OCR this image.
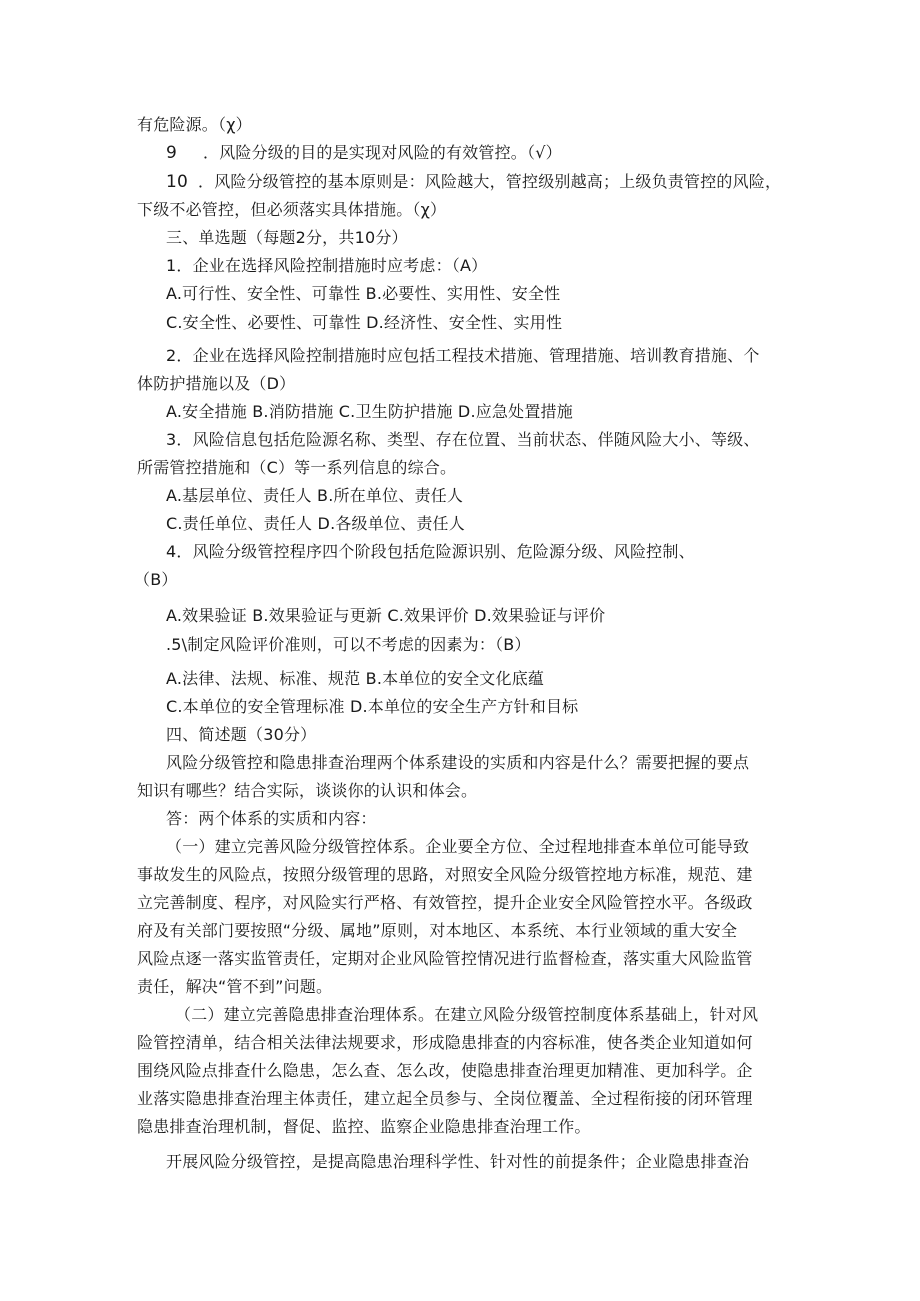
有危险源。（χ）
9 ．风险分级的目的是实现对风险的有效管控。（√）
10 ．风险分级管控的基本原则是：风险越大，管控级别越高；上级负责管控的风险，
下级不必管控，但必须落实具体措施。（χ）
三、单选题（每题2分，共10分）
1．企业在选择风险控制措施时应考虑：（A）
A.可行性、安全性、可靠性 B.必要性、实用性、安全性
C.安全性、必要性、可靠性 D.经济性、安全性、实用性
2．企业在选择风险控制措施时应包括工程技术措施、管理措施、培训教育措施、个
体防护措施以及（D）
A.安全措施 B.消防措施 C.卫生防护措施 D.应急处置措施
3．风险信息包括危险源名称、类型、存在位置、当前状态、伴随风险大小、等级、
所需管控措施和（C）等一系列信息的综合。
A.基层单位、责任人 B.所在单位、责任人
C.责任单位、责任人 D.各级单位、责任人
4．风险分级管控程序四个阶段包括危险源识别、危险源分级、风险控制、
（B）
A.效果验证 B.效果验证与更新 C.效果评价 D.效果验证与评价
.5\制定风险评价准则，可以不考虑的因素为：（B）
A.法律、法规、标准、规范 B.本单位的安全文化底蕴
C.本单位的安全管理标准 D.本单位的安全生产方针和目标
四、简述题（30分）
风险分级管控和隐患排查治理两个体系建设的实质和内容是什么？需要把握的要点
知识有哪些？结合实际，谈谈你的认识和体会。
答：两个体系的实质和内容：
（一）建立完善风险分级管控体系。企业要全方位、全过程地排查本单位可能导致
事故发生的风险点，按照分级管理的思路，对照安全风险分级管控地方标准，规范、建
立完善制度、程序，对风险实行严格、有效管控，提升企业安全风险管控水平。各级政
府及有关部门要按照“分级、属地”原则，对本地区、本系统、本行业领域的重大安全
风险点逐一落实监管责任，定期对企业风险管控情况进行监督检查，落实重大风险监管
责任，解决“管不到”问题。
（二）建立完善隐患排查治理体系。在建立风险分级管控制度体系基础上，针对风
险管控清单，结合相关法律法规要求，形成隐患排查的内容标准，使各类企业知道如何
围绕风险点排查什么隐患，怎么查、怎么改，使隐患排查治理更加精准、更加科学。企
业落实隐患排查治理主体责任，建立起全员参与、全岗位覆盖、全过程衔接的闭环管理
隐患排查治理机制，督促、监控、监察企业隐患排查治理工作。
开展风险分级管控，是提高隐患治理科学性、针对性的前提条件；企业隐患排查治
